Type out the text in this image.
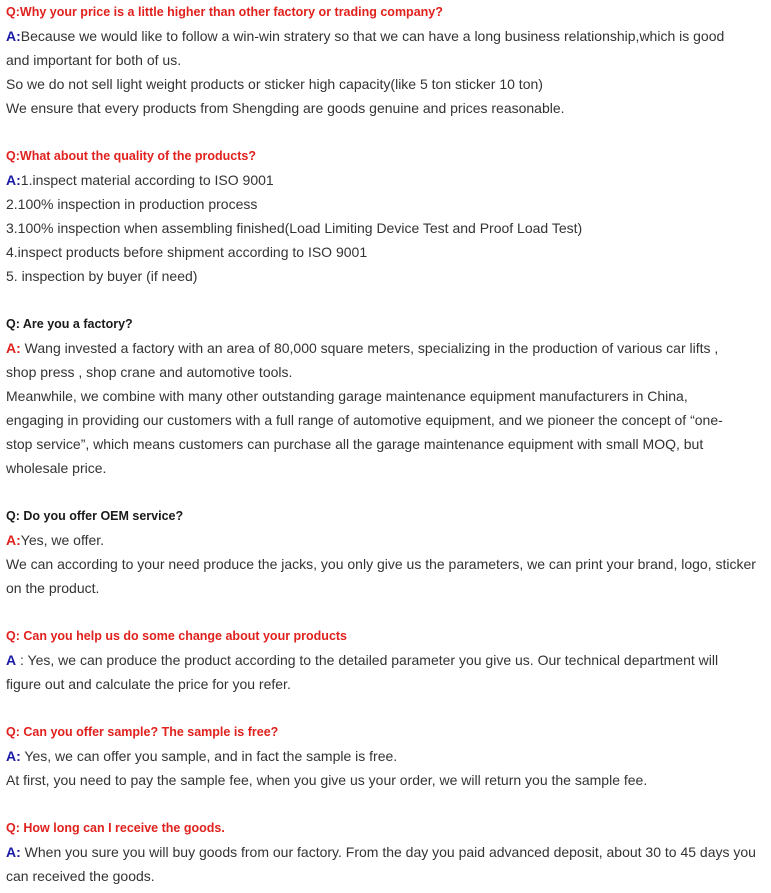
Q:Why your price is a little higher than other factory or trading company?

A:Because we would like to follow a win-win stratery so that we can have a long business relationship,which is good

and important for both of us.

So we do not sell light weight products or sticker high capacity(like 5 ton sticker 10 ton)

We ensure that every products from Shengding are goods genuine and prices reasonable.

Q:What about the quality of the products?

A:1.inspect material according to ISO 9001

2.100% inspection in production process

3.100% inspection when assembling finished(Load Limiting Device Test and Proof Load Test)

4.inspect products before shipment according to ISO 9001

5. inspection by buyer (if need)

Q: Are you a factory?

A: Wang invested a factory with an area of 80,000 square meters, specializing in the production of various car lifts ,

shop press , shop crane and automotive tools.

Meanwhile, we combine with many other outstanding garage maintenance equipment manufacturers in China,

engaging in providing our customers with a full range of automotive equipment, and we pioneer the concept of “one-

stop service”, which means customers can purchase all the garage maintenance equipment with small MOQ, but

wholesale price.

Q: Do you offer OEM service?

A:Yes, we offer.

We can according to your need produce the jacks, you only give us the parameters, we can print your brand, logo, sticker

on the product.

Q: Can you help us do some change about your products

A : Yes, we can produce the product according to the detailed parameter you give us. Our technical department will

figure out and calculate the price for you refer.

Q: Can you offer sample? The sample is free?

A: Yes, we can offer you sample, and in fact the sample is free.

At first, you need to pay the sample fee, when you give us your order, we will return you the sample fee.

Q: How long can I receive the goods.

A: When you sure you will buy goods from our factory. From the day you paid advanced deposit, about 30 to 45 days you

can received the goods.
